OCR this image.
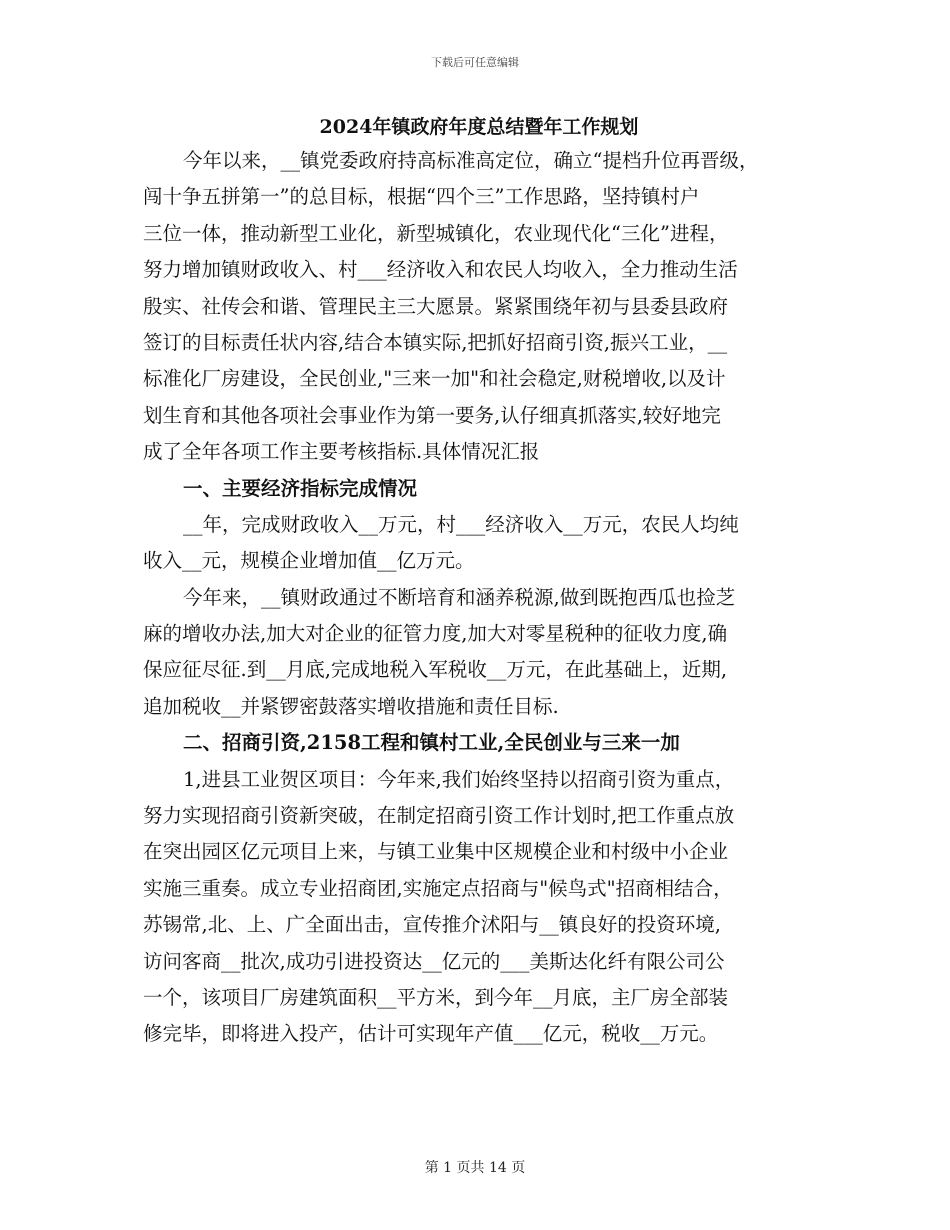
下载后可任意编辑
2024年镇政府年度总结暨年工作规划
今年以来，__镇党委政府持高标准高定位，确立“提档升位再晋级，
闯十争五拼第一”的总目标，根据“四个三”工作思路，坚持镇村户
三位一体，推动新型工业化，新型城镇化，农业现代化“三化”进程，
努力增加镇财政收入、村___经济收入和农民人均收入，全力推动生活
殷实、社传会和谐、管理民主三大愿景。紧紧围绕年初与县委县政府
签订的目标责任状内容,结合本镇实际,把抓好招商引资,振兴工业，__
标准化厂房建设，全民创业,"三来一加"和社会稳定,财税增收,以及计
划生育和其他各项社会事业作为第一要务,认仔细真抓落实,较好地完
成了全年各项工作主要考核指标.具体情况汇报
一、主要经济指标完成情况
__年，完成财政收入__万元，村___经济收入__万元，农民人均纯
收入__元，规模企业增加值__亿万元。
今年来，__镇财政通过不断培育和涵养税源,做到既抱西瓜也捡芝
麻的增收办法,加大对企业的征管力度,加大对零星税种的征收力度,确
保应征尽征.到__月底,完成地税入军税收__万元，在此基础上，近期,
追加税收__并紧锣密鼓落实增收措施和责任目标.
二、招商引资,2158工程和镇村工业,全民创业与三来一加
1,进县工业贺区项目：今年来,我们始终坚持以招商引资为重点，
努力实现招商引资新突破，在制定招商引资工作计划时,把工作重点放
在突出园区亿元项目上来，与镇工业集中区规模企业和村级中小企业
实施三重奏。成立专业招商团,实施定点招商与"候鸟式"招商相结合，
苏锡常,北、上、广全面出击，宣传推介沭阳与__镇良好的投资环境,
访问客商__批次,成功引进投资达__亿元的___美斯达化纤有限公司公
一个，该项目厂房建筑面积__平方米，到今年__月底，主厂房全部装
修完毕，即将进入投产，估计可实现年产值___亿元，税收__万元。
第 1 页共 14 页
